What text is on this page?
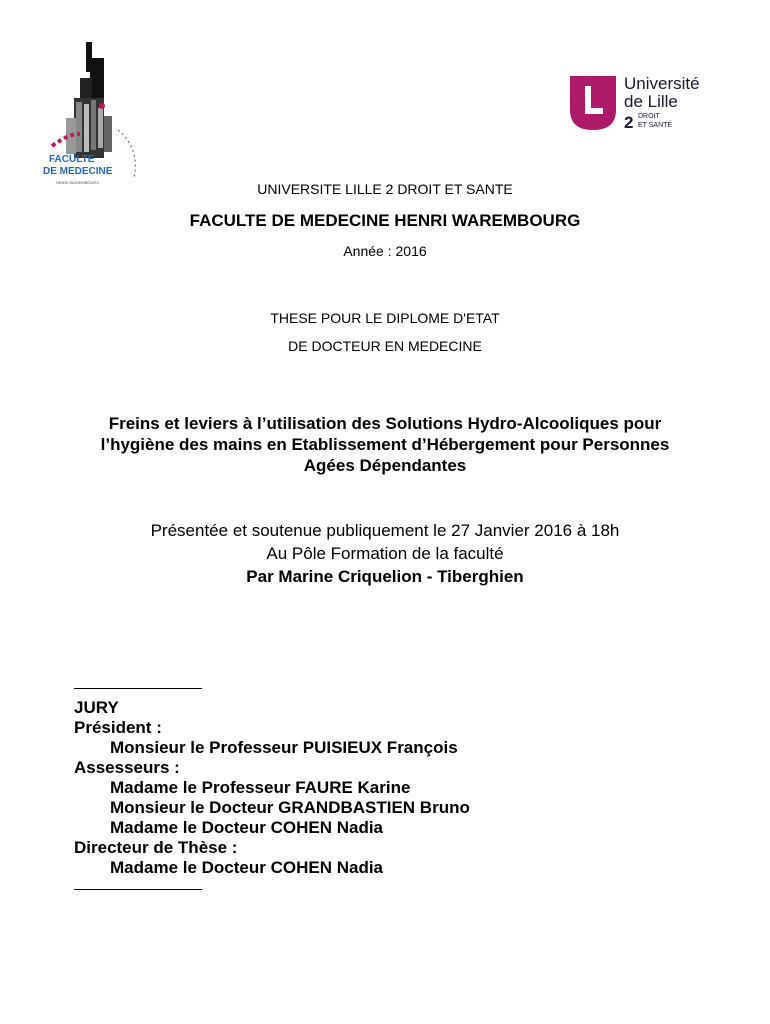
FACULTE
DE MEDECINE
HENRI WAREMBOURG
Université
de Lille
2 DROIT
ET SANTÉ
UNIVERSITE LILLE 2 DROIT ET SANTE
FACULTE DE MEDECINE HENRI WAREMBOURG
Année : 2016
THESE POUR LE DIPLOME D'ETAT
DE DOCTEUR EN MEDECINE
Freins et leviers à l’utilisation des Solutions Hydro-Alcooliques pour
l’hygiène des mains en Etablissement d’Hébergement pour Personnes
Agées Dépendantes
Présentée et soutenue publiquement le 27 Janvier 2016 à 18h
Au Pôle Formation de la faculté
Par Marine Criquelion - Tiberghien
JURY
Président :
Monsieur le Professeur PUISIEUX François
Assesseurs :
Madame le Professeur FAURE Karine
Monsieur le Docteur GRANDBASTIEN Bruno
Madame le Docteur COHEN Nadia
Directeur de Thèse :
Madame le Docteur COHEN Nadia
